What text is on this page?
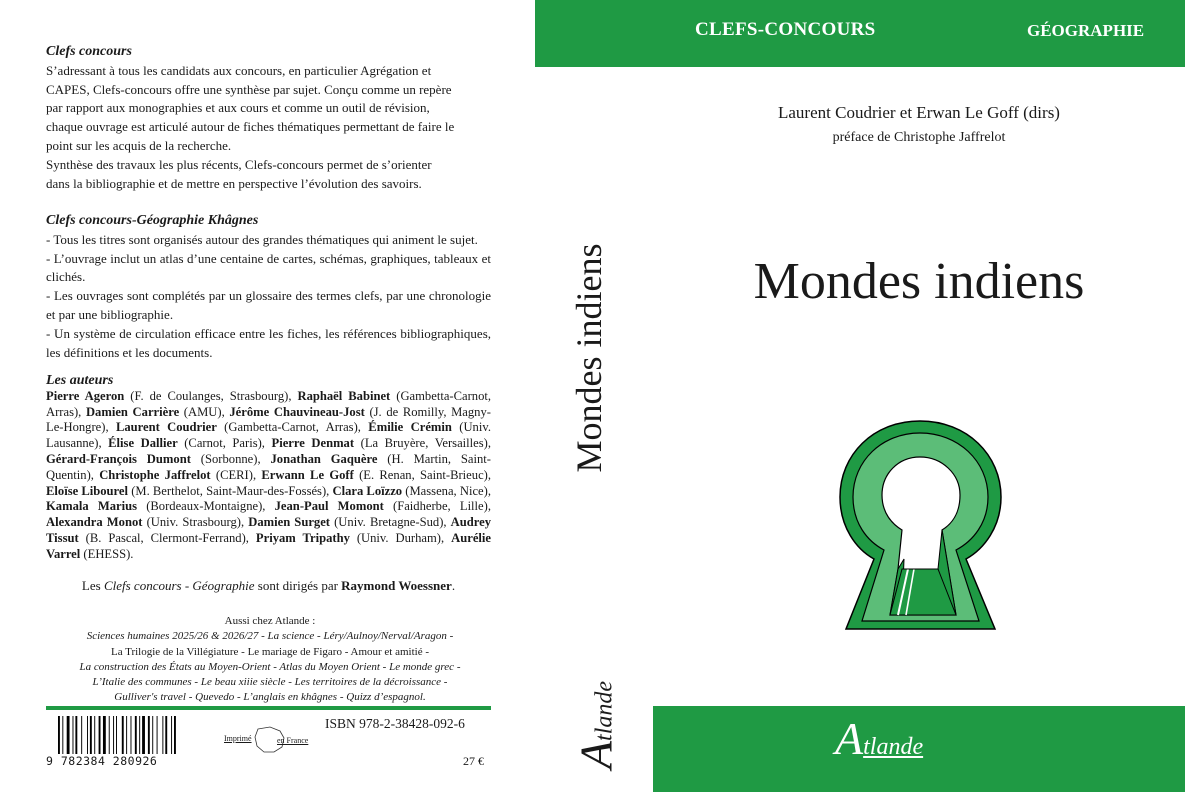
Clefs concours
S’adressant à tous les candidats aux concours, en particulier Agrégation et
CAPES, Clefs-concours offre une synthèse par sujet. Conçu comme un repère
par rapport aux monographies et aux cours et comme un outil de révision,
chaque ouvrage est articulé autour de fiches thématiques permettant de faire le
point sur les acquis de la recherche.
Synthèse des travaux les plus récents, Clefs-concours permet de s’orienter
dans la bibliographie et de mettre en perspective l’évolution des savoirs.
Clefs concours-Géographie Khâgnes
- Tous les titres sont organisés autour des grandes thématiques qui animent le sujet.
- L’ouvrage inclut un atlas d’une centaine de cartes, schémas, graphiques, tableaux et clichés.
- Les ouvrages sont complétés par un glossaire des termes clefs, par une chronologie et par une bibliographie.
- Un système de circulation efficace entre les fiches, les références bibliographiques, les définitions et les documents.
Les auteurs
Pierre Ageron (F. de Coulanges, Strasbourg), Raphaël Babinet (Gambetta-Carnot, Arras), Damien Carrière (AMU), Jérôme Chauvineau-Jost (J. de Romilly, Magny-Le-Hongre), Laurent Coudrier (Gambetta-Carnot, Arras), Émilie Crémin (Univ. Lausanne), Élise Dallier (Carnot, Paris), Pierre Denmat (La Bruyère, Versailles), Gérard-François Dumont (Sorbonne), Jonathan Gaquère (H. Martin, Saint-Quentin), Christophe Jaffrelot (CERI), Erwann Le Goff (E. Renan, Saint-Brieuc), Eloïse Libourel (M. Berthelot, Saint-Maur-des-Fossés), Clara Loïzzo (Massena, Nice), Kamala Marius (Bordeaux-Montaigne), Jean-Paul Momont (Faidherbe, Lille), Alexandra Monot (Univ. Strasbourg), Damien Surget (Univ. Bretagne-Sud), Audrey Tissut (B. Pascal, Clermont-Ferrand), Priyam Tripathy (Univ. Durham), Aurélie Varrel (EHESS).
Les Clefs concours - Géographie sont dirigés par Raymond Woessner.
Aussi chez Atlande :
Sciences humaines 2025/26 & 2026/27 - La science - Léry/Aulnoy/Nerval/Aragon -
La Trilogie de la Villégiature - Le mariage de Figaro - Amour et amitié -
La construction des États au Moyen-Orient - Atlas du Moyen Orient - Le monde grec -
L’Italie des communes - Le beau xiiie siècle - Les territoires de la décroissance -
Gulliver's travel - Quevedo - L’anglais en khâgnes - Quizz d’espagnol.
9 782384 280926
Imprimé	en France
ISBN 978-2-38428-092-6
27 €
Mondes indiens
Atlande
CLEFS-CONCOURS	GÉOGRAPHIE
Laurent Coudrier et Erwan Le Goff (dirs)
préface de Christophe Jaffrelot
Mondes indiens
Atlande
